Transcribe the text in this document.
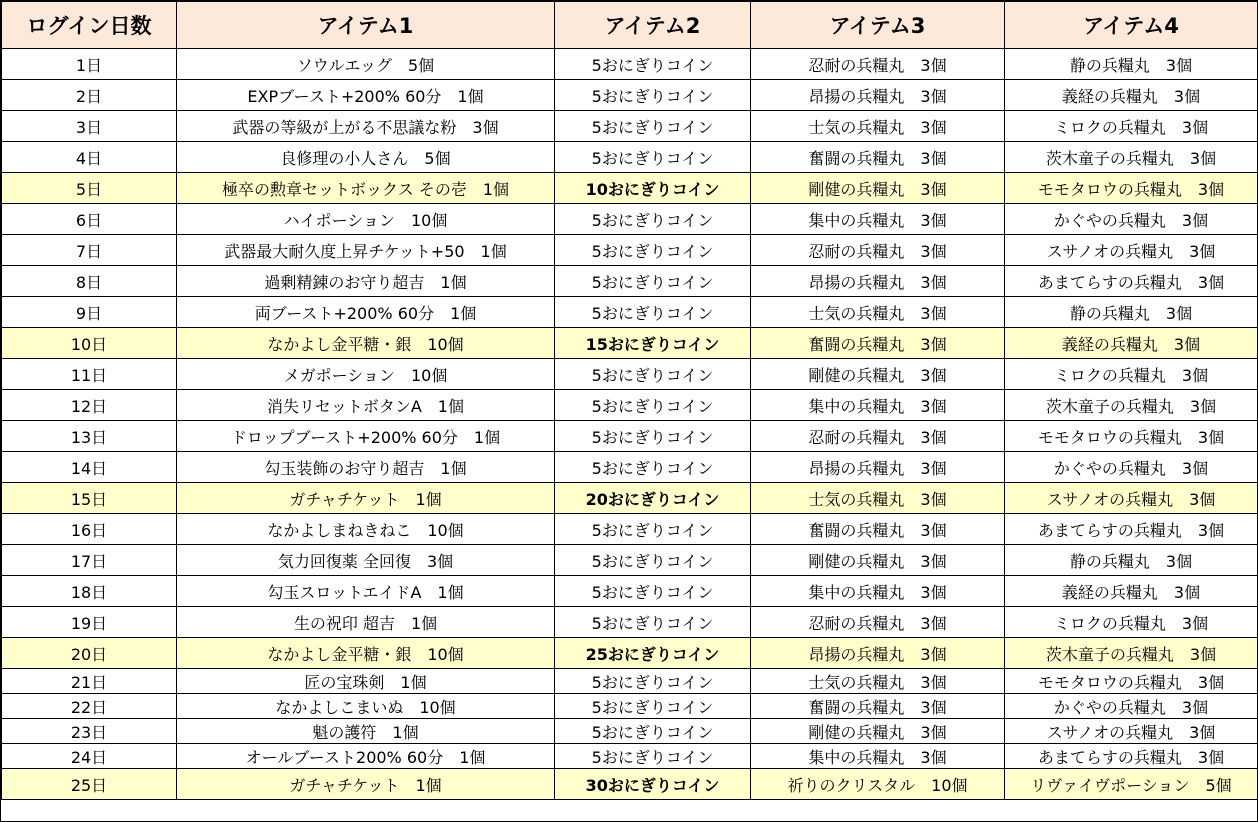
ログイン日数	アイテム1	アイテム2	アイテム3	アイテム4
1日	ソウルエッグ　5個	5おにぎりコイン	忍耐の兵糧丸　3個	静の兵糧丸　3個
2日	EXPブースト+200% 60分　1個	5おにぎりコイン	昂揚の兵糧丸　3個	義経の兵糧丸　3個
3日	武器の等級が上がる不思議な粉　3個	5おにぎりコイン	士気の兵糧丸　3個	ミロクの兵糧丸　3個
4日	良修理の小人さん　5個	5おにぎりコイン	奮闘の兵糧丸　3個	茨木童子の兵糧丸　3個
5日	極卒の勲章セットボックス その壱　1個	10おにぎりコイン	剛健の兵糧丸　3個	モモタロウの兵糧丸　3個
6日	ハイポーション　10個	5おにぎりコイン	集中の兵糧丸　3個	かぐやの兵糧丸　3個
7日	武器最大耐久度上昇チケット+50　1個	5おにぎりコイン	忍耐の兵糧丸　3個	スサノオの兵糧丸　3個
8日	過剰精錬のお守り超吉　1個	5おにぎりコイン	昂揚の兵糧丸　3個	あまてらすの兵糧丸　3個
9日	両ブースト+200% 60分　1個	5おにぎりコイン	士気の兵糧丸　3個	静の兵糧丸　3個
10日	なかよし金平糖・銀　10個	15おにぎりコイン	奮闘の兵糧丸　3個	義経の兵糧丸　3個
11日	メガポーション　10個	5おにぎりコイン	剛健の兵糧丸　3個	ミロクの兵糧丸　3個
12日	消失リセットボタンA　1個	5おにぎりコイン	集中の兵糧丸　3個	茨木童子の兵糧丸　3個
13日	ドロップブースト+200% 60分　1個	5おにぎりコイン	忍耐の兵糧丸　3個	モモタロウの兵糧丸　3個
14日	勾玉装飾のお守り超吉　1個	5おにぎりコイン	昂揚の兵糧丸　3個	かぐやの兵糧丸　3個
15日	ガチャチケット　1個	20おにぎりコイン	士気の兵糧丸　3個	スサノオの兵糧丸　3個
16日	なかよしまねきねこ　10個	5おにぎりコイン	奮闘の兵糧丸　3個	あまてらすの兵糧丸　3個
17日	気力回復薬 全回復　3個	5おにぎりコイン	剛健の兵糧丸　3個	静の兵糧丸　3個
18日	勾玉スロットエイドA　1個	5おにぎりコイン	集中の兵糧丸　3個	義経の兵糧丸　3個
19日	生の祝印 超吉　1個	5おにぎりコイン	忍耐の兵糧丸　3個	ミロクの兵糧丸　3個
20日	なかよし金平糖・銀　10個	25おにぎりコイン	昂揚の兵糧丸　3個	茨木童子の兵糧丸　3個
21日	匠の宝珠剣　1個	5おにぎりコイン	士気の兵糧丸　3個	モモタロウの兵糧丸　3個
22日	なかよしこまいぬ　10個	5おにぎりコイン	奮闘の兵糧丸　3個	かぐやの兵糧丸　3個
23日	魁の護符　1個	5おにぎりコイン	剛健の兵糧丸　3個	スサノオの兵糧丸　3個
24日	オールブースト200% 60分　1個	5おにぎりコイン	集中の兵糧丸　3個	あまてらすの兵糧丸　3個
25日	ガチャチケット　1個	30おにぎりコイン	祈りのクリスタル　10個	リヴァイヴポーション　5個
